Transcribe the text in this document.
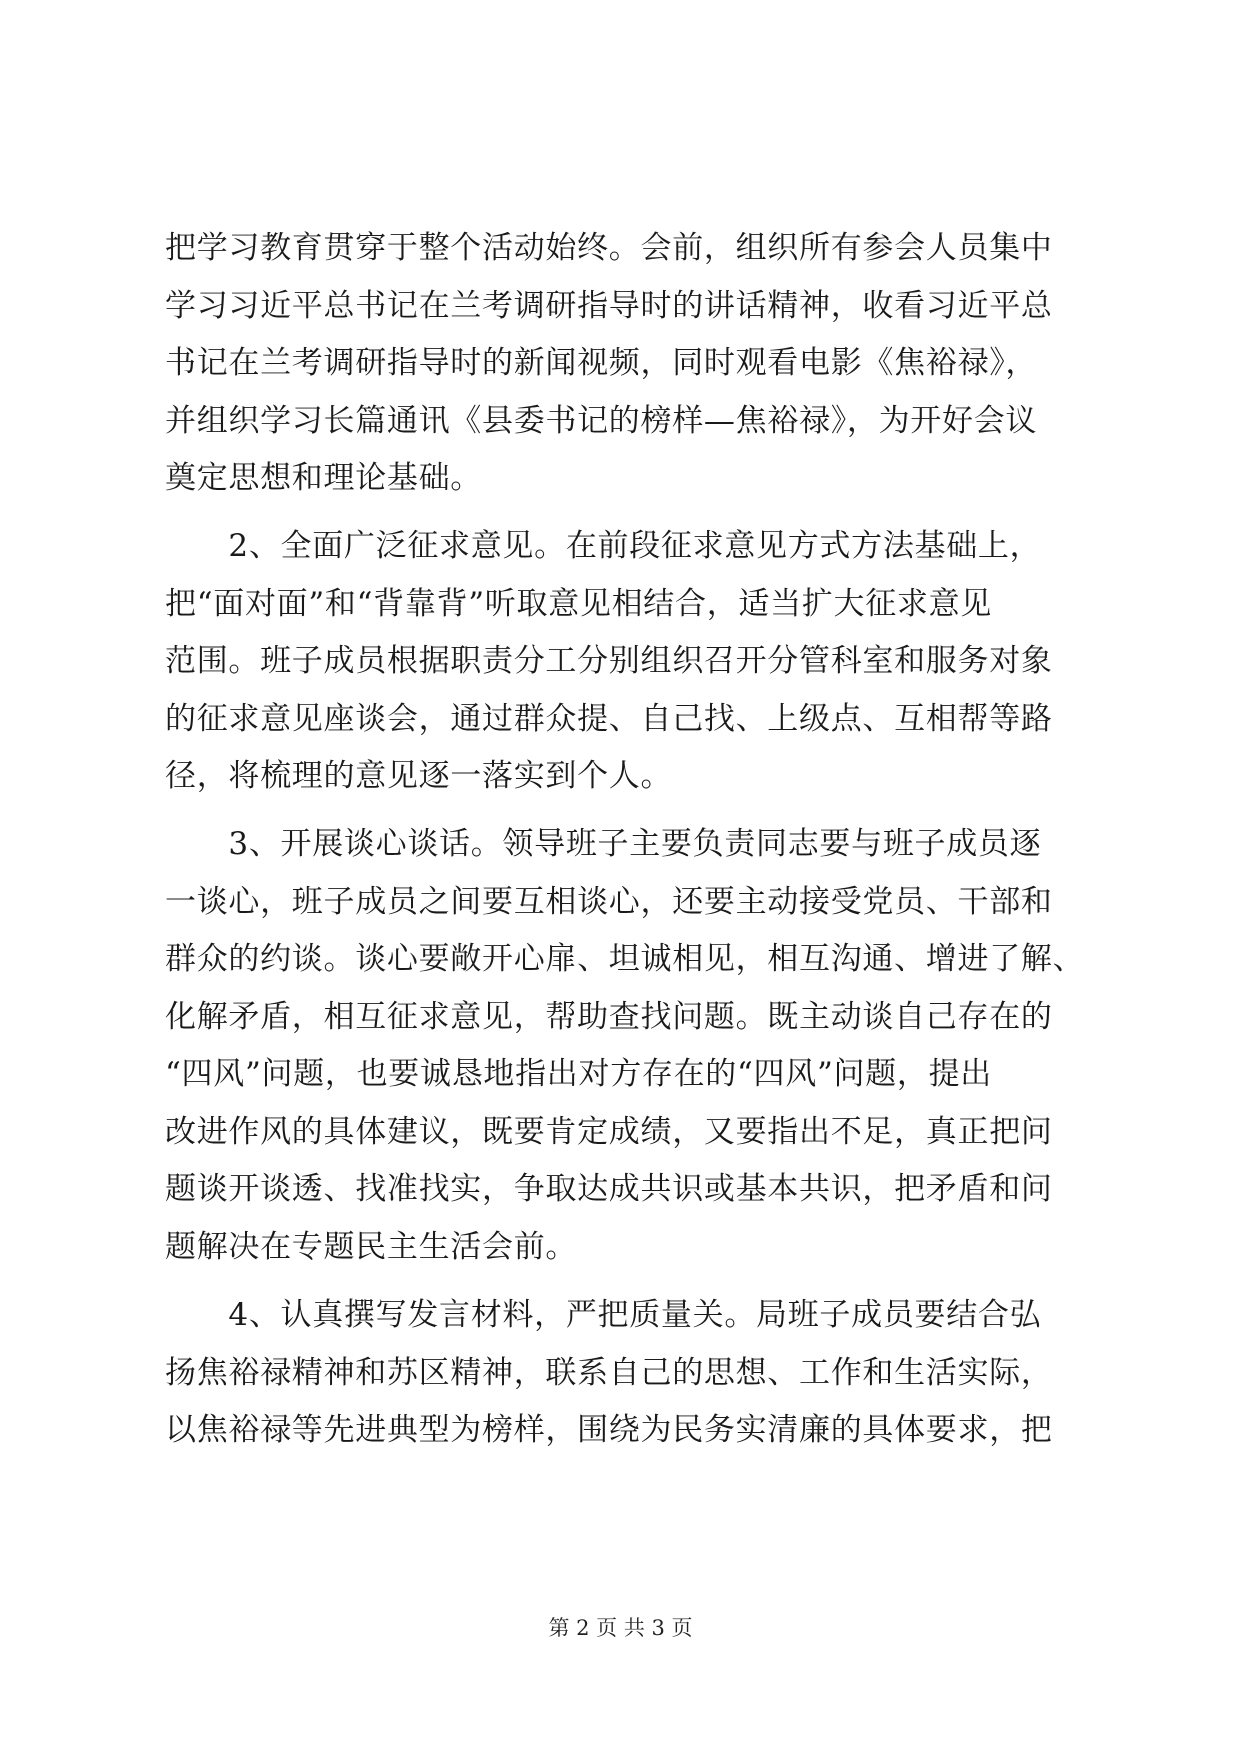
把学习教育贯穿于整个活动始终。会前，组织所有参会人员集中
学习习近平总书记在兰考调研指导时的讲话精神，收看习近平总
书记在兰考调研指导时的新闻视频，同时观看电影《焦裕禄》，
并组织学习长篇通讯《县委书记的榜样—焦裕禄》，为开好会议
奠定思想和理论基础。
　　2、全面广泛征求意见。在前段征求意见方式方法基础上，
把“面对面”和“背靠背”听取意见相结合，适当扩大征求意见
范围。班子成员根据职责分工分别组织召开分管科室和服务对象
的征求意见座谈会，通过群众提、自己找、上级点、互相帮等路
径，将梳理的意见逐一落实到个人。
　　3、开展谈心谈话。领导班子主要负责同志要与班子成员逐
一谈心，班子成员之间要互相谈心，还要主动接受党员、干部和
群众的约谈。谈心要敞开心扉、坦诚相见，相互沟通、增进了解、
化解矛盾，相互征求意见，帮助查找问题。既主动谈自己存在的
“四风”问题，也要诚恳地指出对方存在的“四风”问题，提出
改进作风的具体建议，既要肯定成绩，又要指出不足，真正把问
题谈开谈透、找准找实，争取达成共识或基本共识，把矛盾和问
题解决在专题民主生活会前。
　　4、认真撰写发言材料，严把质量关。局班子成员要结合弘
扬焦裕禄精神和苏区精神，联系自己的思想、工作和生活实际，
以焦裕禄等先进典型为榜样，围绕为民务实清廉的具体要求，把
第 2 页 共 3 页
